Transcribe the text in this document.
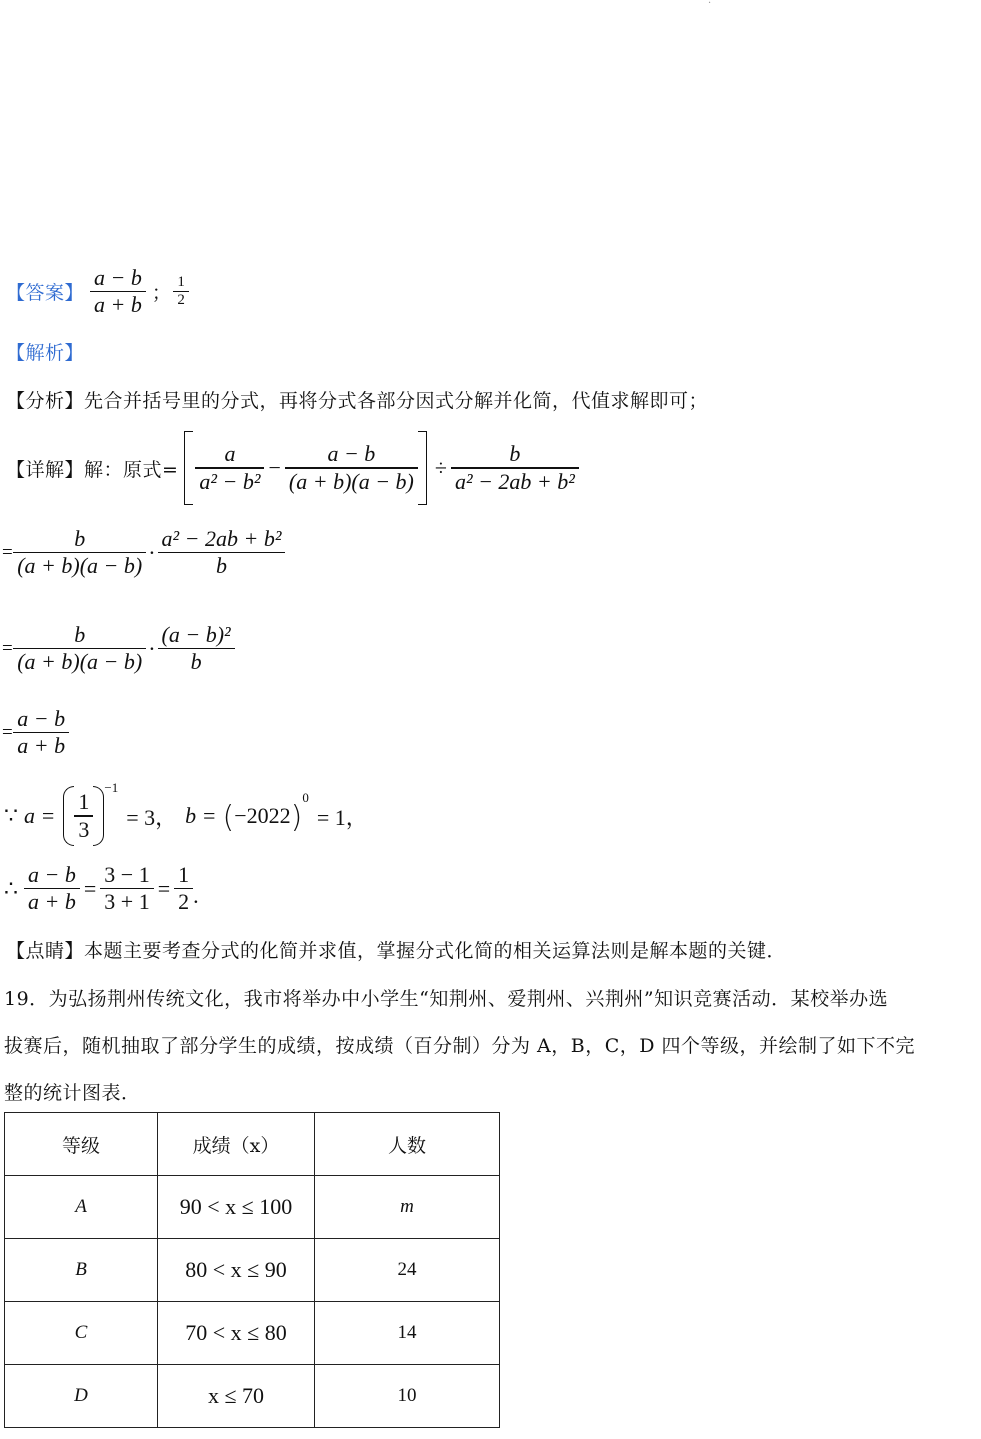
·
【答案】 $\frac{a - b}{a + b}$ ； $\frac{1}{2}$
【解析】
【分析】先合并括号里的分式，再将分式各部分因式分解并化简，代值求解即可；
【详解】解：原式= $\frac{a}{\text{a² − b²}} - \frac{a - b}{(a + b)(a - b)} \div \frac{b}{\text{a² − 2ab + b²}}$
= $\frac{b}{(a + b)(a - b)} \cdot \frac{\text{a² − 2ab + b²}}{b}$
= $\frac{b}{(a + b)(a - b)} \cdot \frac{\text{(a − b)²}}{b}$
= $\frac{a - b}{a + b}$
∵ $a = \frac{1}{3}$
−1
= 3， b = ( −2022 )
0
= 1，
∴ $\frac{a - b}{a + b} = \frac{3 - 1}{3 + 1} = \frac{1}{2}$ .
【点睛】本题主要考查分式的化简并求值，掌握分式化简的相关运算法则是解本题的关键．
19．为弘扬荆州传统文化，我市将举办中小学生“知荆州、爱荆州、兴荆州”知识竞赛活动．某校举办选
拔赛后，随机抽取了部分学生的成绩，按成绩（百分制）分为 A，B，C，D 四个等级，并绘制了如下不完
整的统计图表．
等级	成绩（x）	人数
A	90 < x ≤ 100	m
B	80 < x ≤ 90	24
C	70 < x ≤ 80	14
D	x ≤ 70	10
